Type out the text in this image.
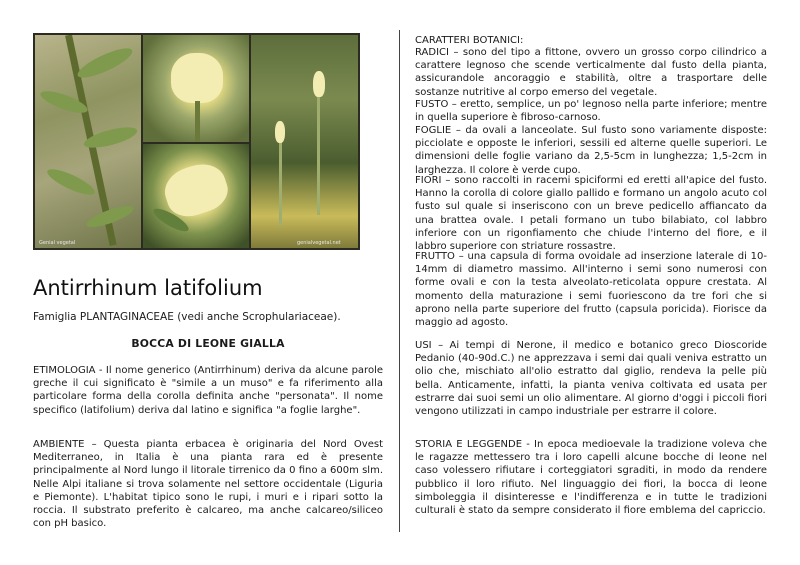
Genial vegetal	genialvegetal.net
Antirrhinum latifolium

Famiglia PLANTAGINACEAE (vedi anche Scrophulariaceae).

BOCCA DI LEONE GIALLA

ETIMOLOGIA - Il nome generico (Antirrhinum) deriva da alcune parole greche il cui significato è "simile a un muso" e fa riferimento alla particolare forma della corolla definita anche "personata". Il nome specifico (latifolium) deriva dal latino e significa "a foglie larghe".

AMBIENTE – Questa pianta erbacea è originaria del Nord Ovest Mediterraneo, in Italia è una pianta rara ed è presente principalmente al Nord lungo il litorale tirrenico da 0 fino a 600m slm. Nelle Alpi italiane si trova solamente nel settore occidentale (Liguria e Piemonte). L'habitat tipico sono le rupi, i muri e i ripari sotto la roccia. Il substrato preferito è calcareo, ma anche calcareo/siliceo con pH basico.

CARATTERI BOTANICI:

RADICI – sono del tipo a fittone, ovvero un grosso corpo cilindrico a carattere legnoso che scende verticalmente dal fusto della pianta, assicurandole ancoraggio e stabilità, oltre a trasportare delle sostanze nutritive al corpo emerso del vegetale.

FUSTO – eretto, semplice, un po' legnoso nella parte inferiore; mentre in quella superiore è fibroso-carnoso.

FOGLIE – da ovali a lanceolate. Sul fusto sono variamente disposte: picciolate e opposte le inferiori, sessili ed alterne quelle superiori. Le dimensioni delle foglie variano da 2,5-5cm in lunghezza; 1,5-2cm in larghezza. Il colore è verde cupo.

FIORI – sono raccolti in racemi spiciformi ed eretti all'apice del fusto. Hanno la corolla di colore giallo pallido e formano un angolo acuto col fusto sul quale si inseriscono con un breve pedicello affiancato da una brattea ovale. I petali formano un tubo bilabiato, col labbro inferiore con un rigonfiamento che chiude l'interno del fiore, e il labbro superiore con striature rossastre.

FRUTTO – una capsula di forma ovoidale ad inserzione laterale di 10-14mm di diametro massimo. All'interno i semi sono numerosi con forme ovali e con la testa alveolato-reticolata oppure crestata. Al momento della maturazione i semi fuoriescono da tre fori che si aprono nella parte superiore del frutto (capsula poricida). Fiorisce da maggio ad agosto.

USI – Ai tempi di Nerone, il medico e botanico greco Dioscoride Pedanio (40-90d.C.) ne apprezzava i semi dai quali veniva estratto un olio che, mischiato all'olio estratto dal giglio, rendeva la pelle più bella. Anticamente, infatti, la pianta veniva coltivata ed usata per estrarre dai suoi semi un olio alimentare. Al giorno d'oggi i piccoli fiori vengono utilizzati in campo industriale per estrarre il colore.

STORIA E LEGGENDE - In epoca medioevale la tradizione voleva che le ragazze mettessero tra i loro capelli alcune bocche di leone nel caso volessero rifiutare i corteggiatori sgraditi, in modo da rendere pubblico il loro rifiuto. Nel linguaggio dei fiori, la bocca di leone simboleggia il disinteresse e l'indifferenza e in tutte le tradizioni culturali è stato da sempre considerato il fiore emblema del capriccio.
